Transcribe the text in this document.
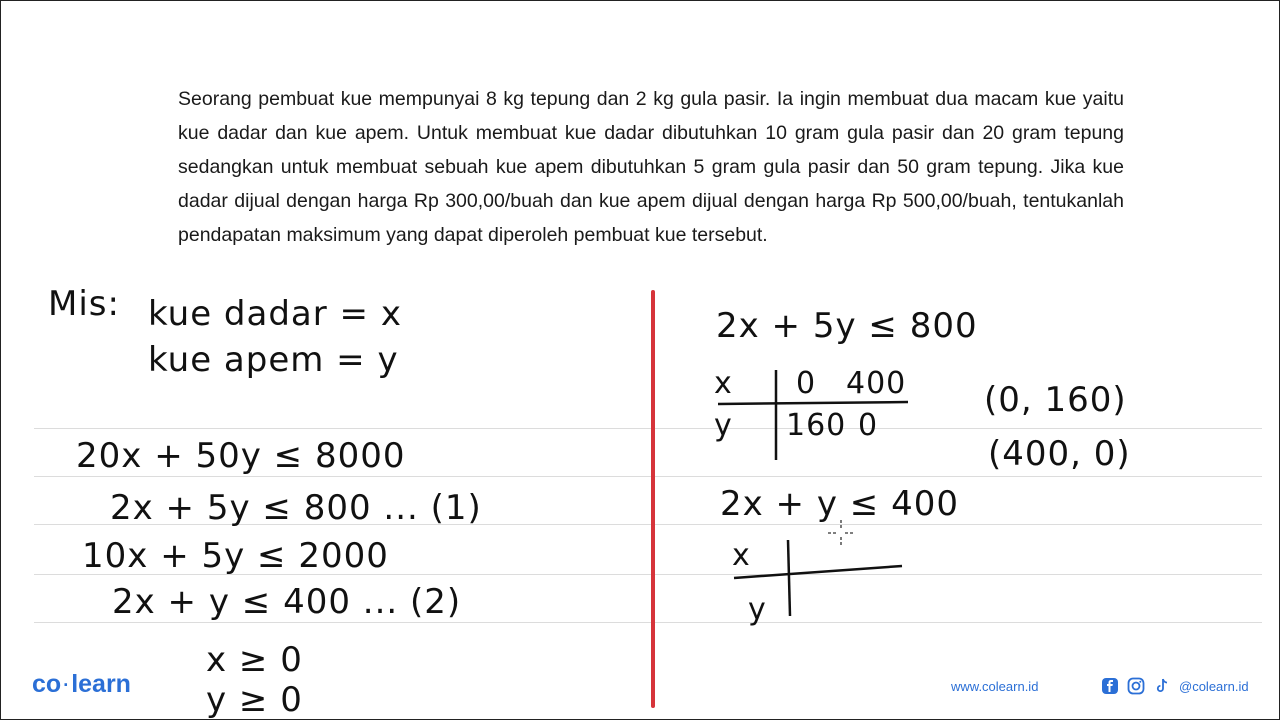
Seorang pembuat kue mempunyai 8 kg tepung dan 2 kg gula pasir. Ia ingin membuat dua macam kue yaitu kue dadar dan kue apem. Untuk membuat kue dadar dibutuhkan 10 gram gula pasir dan 20 gram tepung sedangkan untuk membuat sebuah kue apem dibutuhkan 5 gram gula pasir dan 50 gram tepung. Jika kue dadar dijual dengan harga Rp 300,00/buah dan kue apem dijual dengan harga Rp 500,00/buah, tentukanlah pendapatan maksimum yang dapat diperoleh pembuat kue tersebut.

Mis: kue dadar = x
kue apem = y
20x + 50y ≤ 8000
2x + 5y ≤ 800 ... (1)
10x + 5y ≤ 2000
2x + y ≤ 400 ... (2)
x ≥ 0
y ≥ 0
2x + 5y ≤ 800
x
y
0 400
160 0
(0, 160)
(400, 0)
2x + y ≤ 400
x
y
co ·learn	www.colearn.id	@colearn.id
